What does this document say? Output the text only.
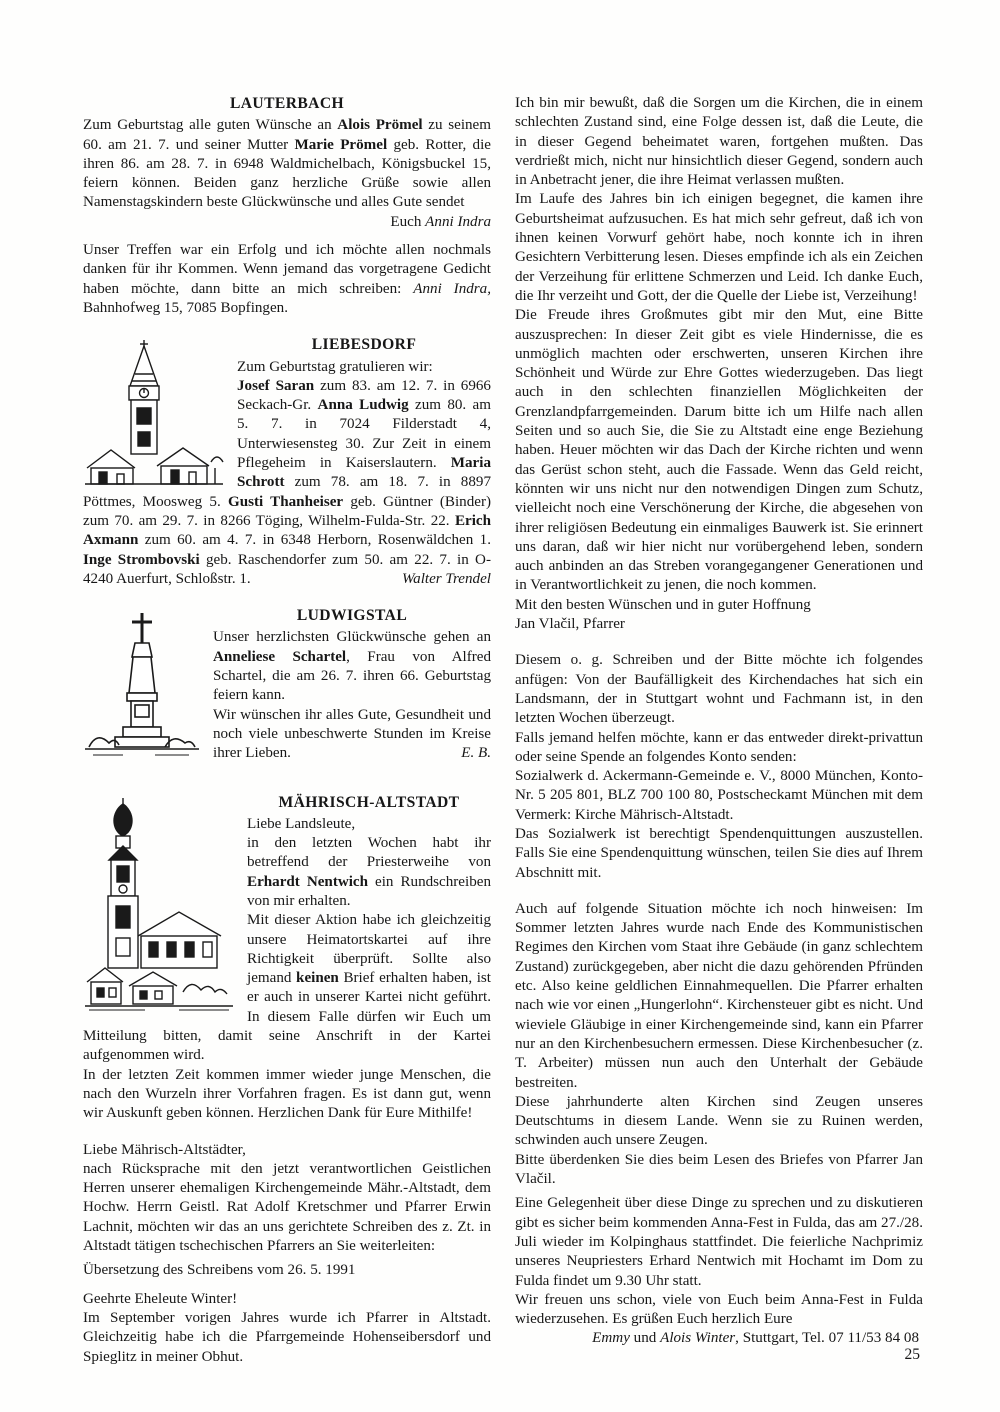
LAUTERBACH

Zum Geburtstag alle guten Wünsche an Alois Prömel zu seinem 60. am 21. 7. und seiner Mutter Marie Prömel geb. Rotter, die ihren 86. am 28. 7. in 6948 Waldmichelbach, Königsbuckel 15, feiern können. Beiden ganz herzliche Grüße sowie allen Namenstagskindern beste Glückwünsche und alles Gute sendet

Euch Anni Indra

Unser Treffen war ein Erfolg und ich möchte allen nochmals danken für ihr Kommen. Wenn jemand das vorgetragene Gedicht haben möchte, dann bitte an mich schreiben: Anni Indra, Bahnhofweg 15, 7085 Bopfingen.

LIEBESDORF

Zum Geburtstag gratulieren wir:

Josef Saran zum 83. am 12. 7. in 6966 Seckach-Gr. Anna Ludwig zum 80. am 5. 7. in 7024 Filderstadt 4, Unterwiesensteg 30. Zur Zeit in einem Pflegeheim in Kaiserslautern. Maria Schrott zum 78. am 18. 7. in 8897 Pöttmes, Moosweg 5. Gusti Thanheiser geb. Güntner (Binder) zum 70. am 29. 7. in 8266 Töging, Wilhelm-Fulda-Str. 22. Erich Axmann zum 60. am 4. 7. in 6348 Herborn, Rosenwäldchen 1. Inge Strombovski geb. Raschendorfer zum 50. am 22. 7. in O-4240 Auerfurt, Schloßstr. 1.	Walter Trendel

LUDWIGSTAL

Unser herzlichsten Glückwünsche gehen an Anneliese Schartel, Frau von Alfred Schartel, die am 26. 7. ihren 66. Geburtstag feiern kann.

Wir wünschen ihr alles Gute, Gesundheit und noch viele unbeschwerte Stunden im Kreise ihrer Lieben.	E. B.

MÄHRISCH-ALTSTADT

Liebe Landsleute,

in den letzten Wochen habt ihr betreffend der Priesterweihe von Erhardt Nentwich ein Rundschreiben von mir erhalten.

Mit dieser Aktion habe ich gleichzeitig unsere Heimatortskartei auf ihre Richtigkeit überprüft. Sollte also jemand keinen Brief erhalten haben, ist er auch in unserer Kartei nicht geführt. In diesem Falle dürfen wir Euch um Mitteilung bitten, damit seine Anschrift in der Kartei aufgenommen wird.

In der letzten Zeit kommen immer wieder junge Menschen, die nach den Wurzeln ihrer Vorfahren fragen. Es ist dann gut, wenn wir Auskunft geben können. Herzlichen Dank für Eure Mithilfe!

Liebe Mährisch-Altstädter,

nach Rücksprache mit den jetzt verantwortlichen Geistlichen Herren unserer ehemaligen Kirchengemeinde Mähr.-Altstadt, dem Hochw. Herrn Geistl. Rat Adolf Kretschmer und Pfarrer Erwin Lachnit, möchten wir das an uns gerichtete Schreiben des z. Zt. in Altstadt tätigen tschechischen Pfarrers an Sie weiterleiten:

Übersetzung des Schreibens vom 26. 5. 1991

Geehrte Eheleute Winter!

Im September vorigen Jahres wurde ich Pfarrer in Altstadt. Gleichzeitig habe ich die Pfarrgemeinde Hohenseibersdorf und Spieglitz in meiner Obhut.

Ich bin mir bewußt, daß die Sorgen um die Kirchen, die in einem schlechten Zustand sind, eine Folge dessen ist, daß die Leute, die in dieser Gegend beheimatet waren, fortgehen mußten. Das verdrießt mich, nicht nur hinsichtlich dieser Gegend, sondern auch in Anbetracht jener, die ihre Heimat verlassen mußten.

Im Laufe des Jahres bin ich einigen begegnet, die kamen ihre Geburtsheimat aufzusuchen. Es hat mich sehr gefreut, daß ich von ihnen keinen Vorwurf gehört habe, noch konnte ich in ihren Gesichtern Verbitterung lesen. Dieses empfinde ich als ein Zeichen der Verzeihung für erlittene Schmerzen und Leid. Ich danke Euch, die Ihr verzeiht und Gott, der die Quelle der Liebe ist, Verzeihung!

Die Freude ihres Großmutes gibt mir den Mut, eine Bitte auszusprechen: In dieser Zeit gibt es viele Hindernisse, die es unmöglich machten oder erschwerten, unseren Kirchen ihre Schönheit und Würde zur Ehre Gottes wiederzugeben. Das liegt auch in den schlechten finanziellen Möglichkeiten der Grenzlandpfarrgemeinden. Darum bitte ich um Hilfe nach allen Seiten und so auch Sie, die Sie zu Altstadt eine enge Beziehung haben. Heuer möchten wir das Dach der Kirche richten und wenn das Gerüst schon steht, auch die Fassade. Wenn das Geld reicht, könnten wir uns nicht nur den notwendigen Dingen zum Schutz, vielleicht noch eine Verschönerung der Kirche, die abgesehen von ihrer religiösen Bedeutung ein einmaliges Bauwerk ist. Sie erinnert uns daran, daß wir hier nicht nur vorübergehend leben, sondern auch anbinden an das Streben vorangegangener Generationen und in Verantwortlichkeit zu jenen, die noch kommen.

Mit den besten Wünschen und in guter Hoffnung

Jan Vlačil, Pfarrer

Diesem o. g. Schreiben und der Bitte möchte ich folgendes anfügen: Von der Baufälligkeit des Kirchendaches hat sich ein Landsmann, der in Stuttgart wohnt und Fachmann ist, in den letzten Wochen überzeugt.

Falls jemand helfen möchte, kann er das entweder direkt-privattun oder seine Spende an folgendes Konto senden:

Sozialwerk d. Ackermann-Gemeinde e. V., 8000 München, Konto-Nr. 5 205 801, BLZ 700 100 80, Postscheckamt München mit dem Vermerk: Kirche Mährisch-Altstadt.

Das Sozialwerk ist berechtigt Spendenquittungen auszustellen. Falls Sie eine Spendenquittung wünschen, teilen Sie dies auf Ihrem Abschnitt mit.

Auch auf folgende Situation möchte ich noch hinweisen: Im Sommer letzten Jahres wurde nach Ende des Kommunistischen Regimes den Kirchen vom Staat ihre Gebäude (in ganz schlechtem Zustand) zurückgegeben, aber nicht die dazu gehörenden Pfründen etc. Also keine geldlichen Einnahmequellen. Die Pfarrer erhalten nach wie vor einen „Hungerlohn“. Kirchensteuer gibt es nicht. Und wieviele Gläubige in einer Kirchengemeinde sind, kann ein Pfarrer nur an den Kirchenbesuchern ermessen. Diese Kirchenbesucher (z. T. Arbeiter) müssen nun auch den Unterhalt der Gebäude bestreiten.

Diese jahrhunderte alten Kirchen sind Zeugen unseres Deutschtums in diesem Lande. Wenn sie zu Ruinen werden, schwinden auch unsere Zeugen.

Bitte überdenken Sie dies beim Lesen des Briefes von Pfarrer Jan Vlačil.

Eine Gelegenheit über diese Dinge zu sprechen und zu diskutieren gibt es sicher beim kommenden Anna-Fest in Fulda, das am 27./28. Juli wieder im Kolpinghaus stattfindet. Die feierliche Nachprimiz unseres Neupriesters Erhard Nentwich mit Hochamt im Dom zu Fulda findet um 9.30 Uhr statt.

Wir freuen uns schon, viele von Euch beim Anna-Fest in Fulda wiederzusehen. Es grüßen Euch herzlich Eure

Emmy und Alois Winter, Stuttgart, Tel. 07 11/53 84 08
25
